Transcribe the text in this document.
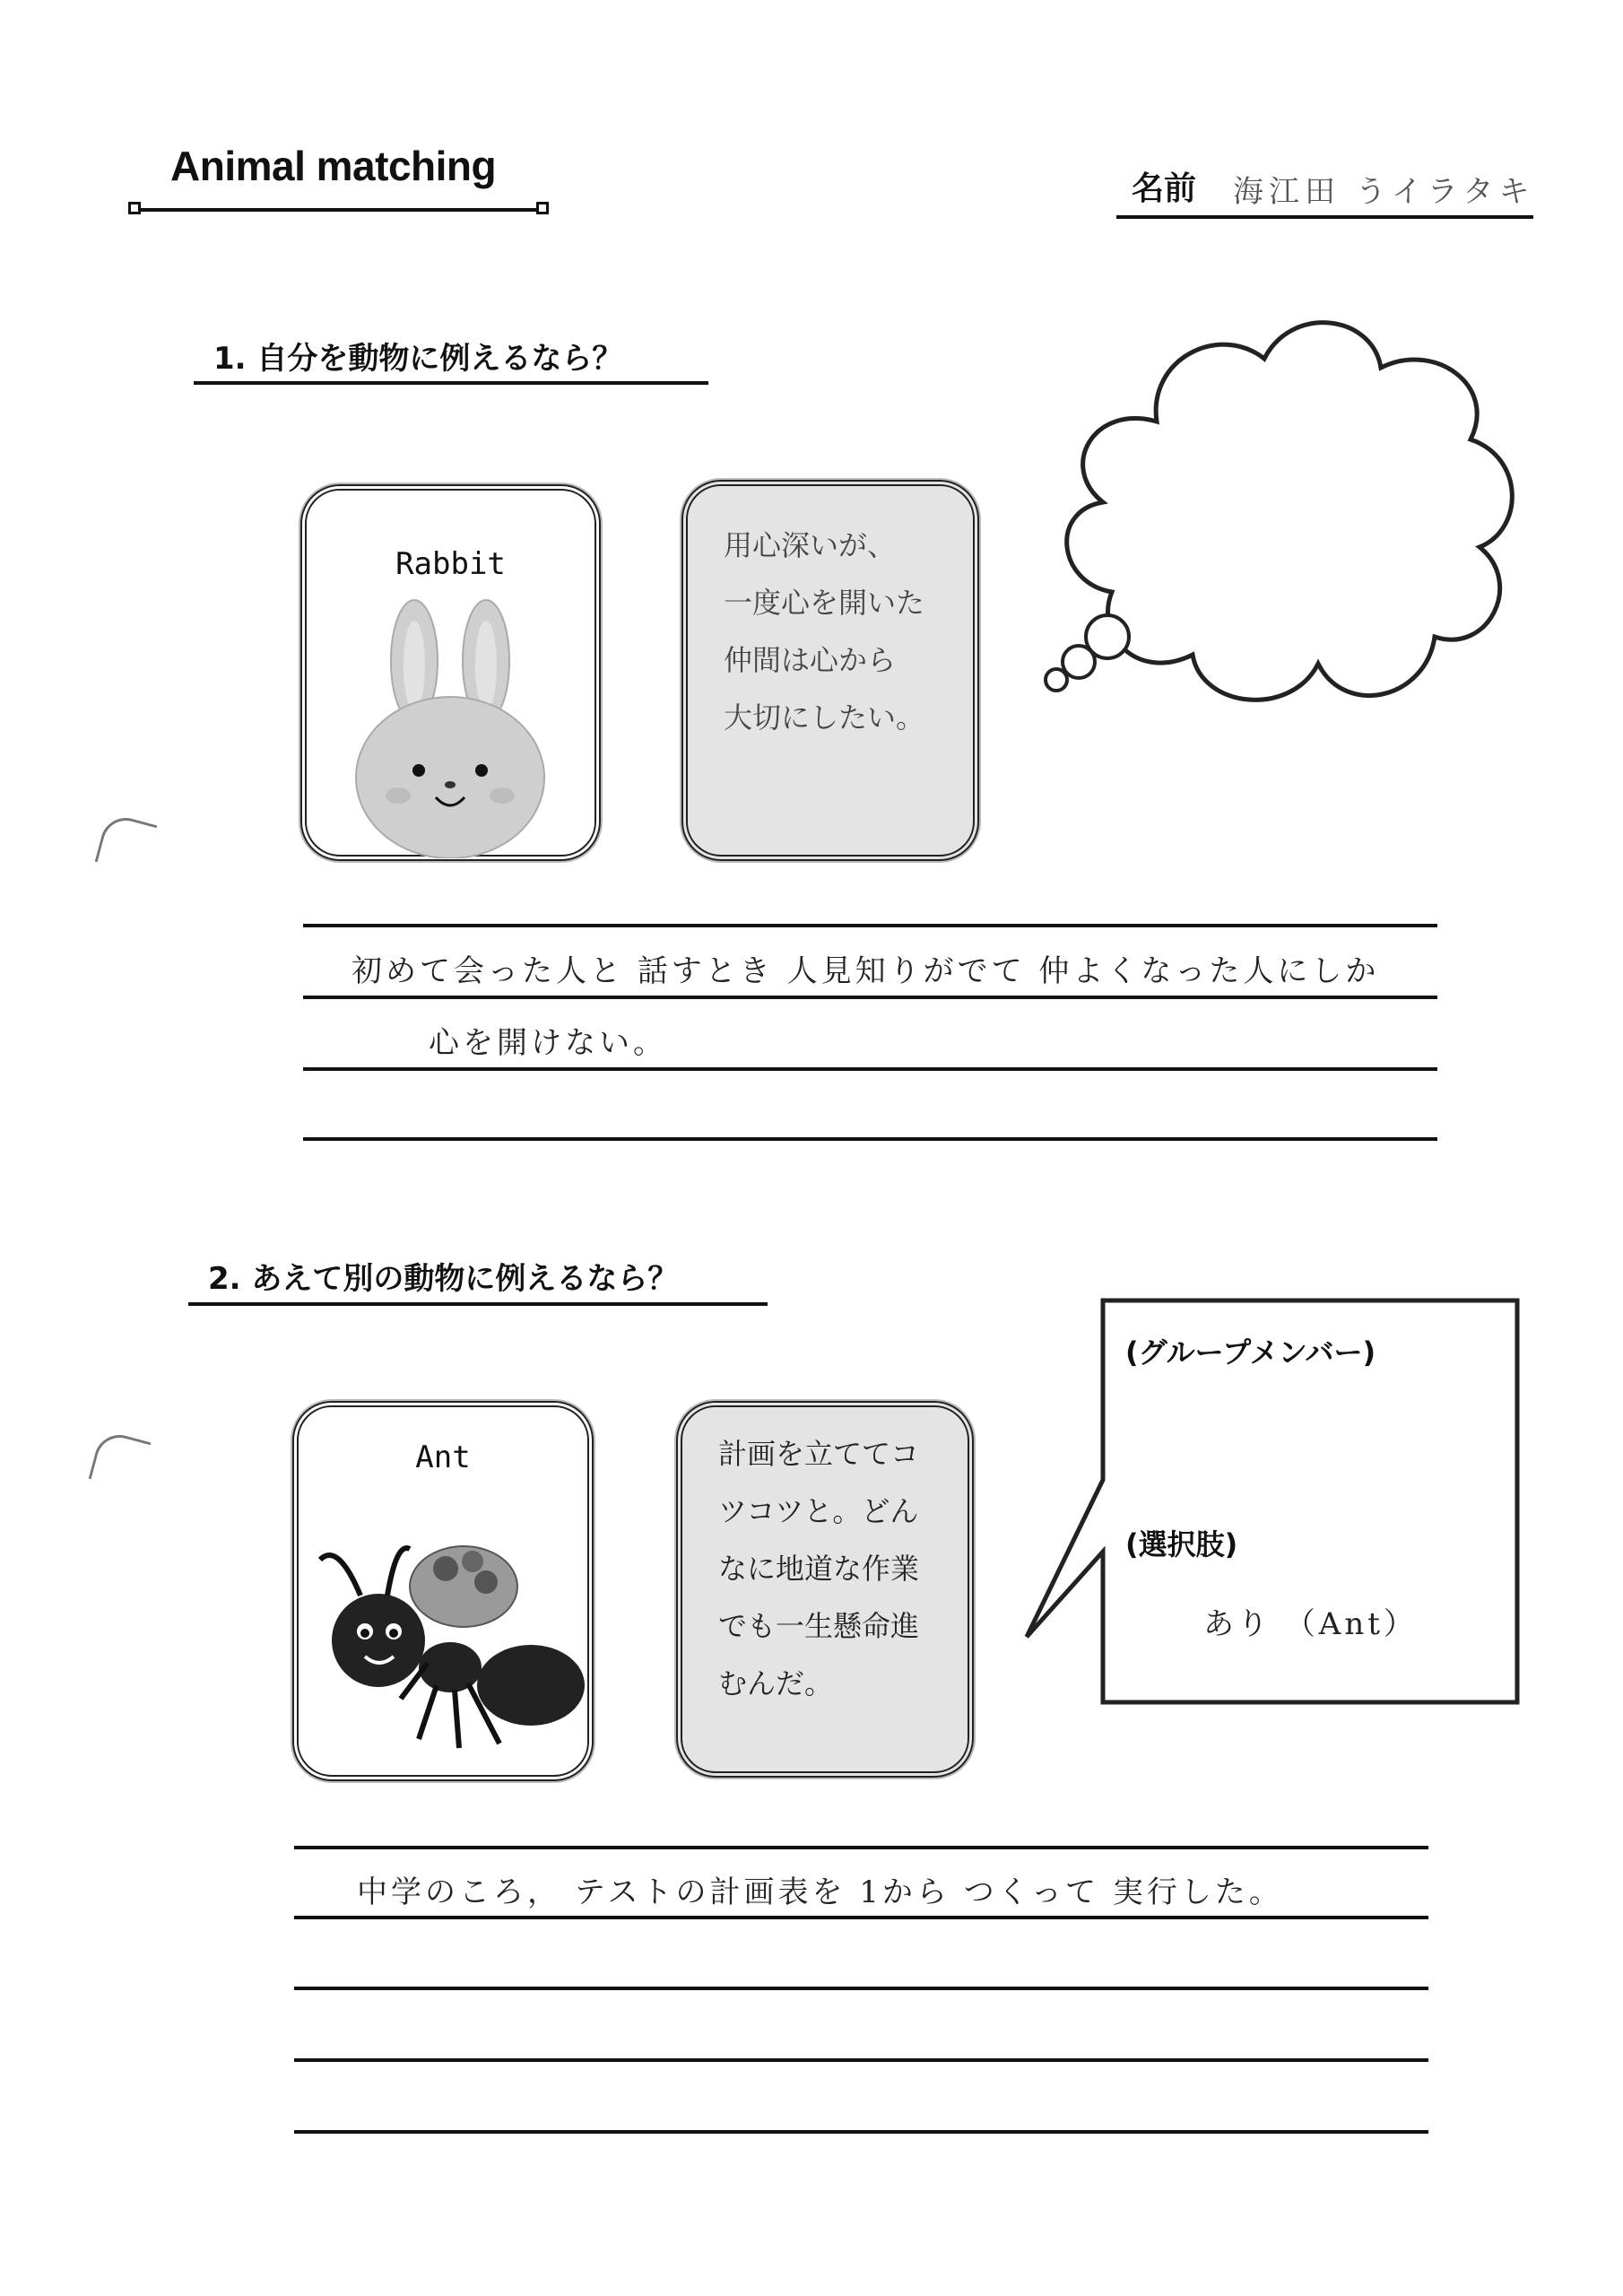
Animal matching	名前 海江田 うイラタキ
1. 自分を動物に例えるなら？
Rabbit
用心深いが、
一度心を開いた
仲間は心から
大切にしたい。
初めて会った人と 話すとき 人見知りがでて 仲よくなった人にしか
心を開けない。
2. あえて別の動物に例えるなら？
Ant	計画を立ててコ
ツコツと。どん
なに地道な作業
でも一生懸命進
むんだ。
(グループメンバー)
(選択肢)
あり （Ant）
中学のころ， テストの計画表を 1から つくって 実行した。
